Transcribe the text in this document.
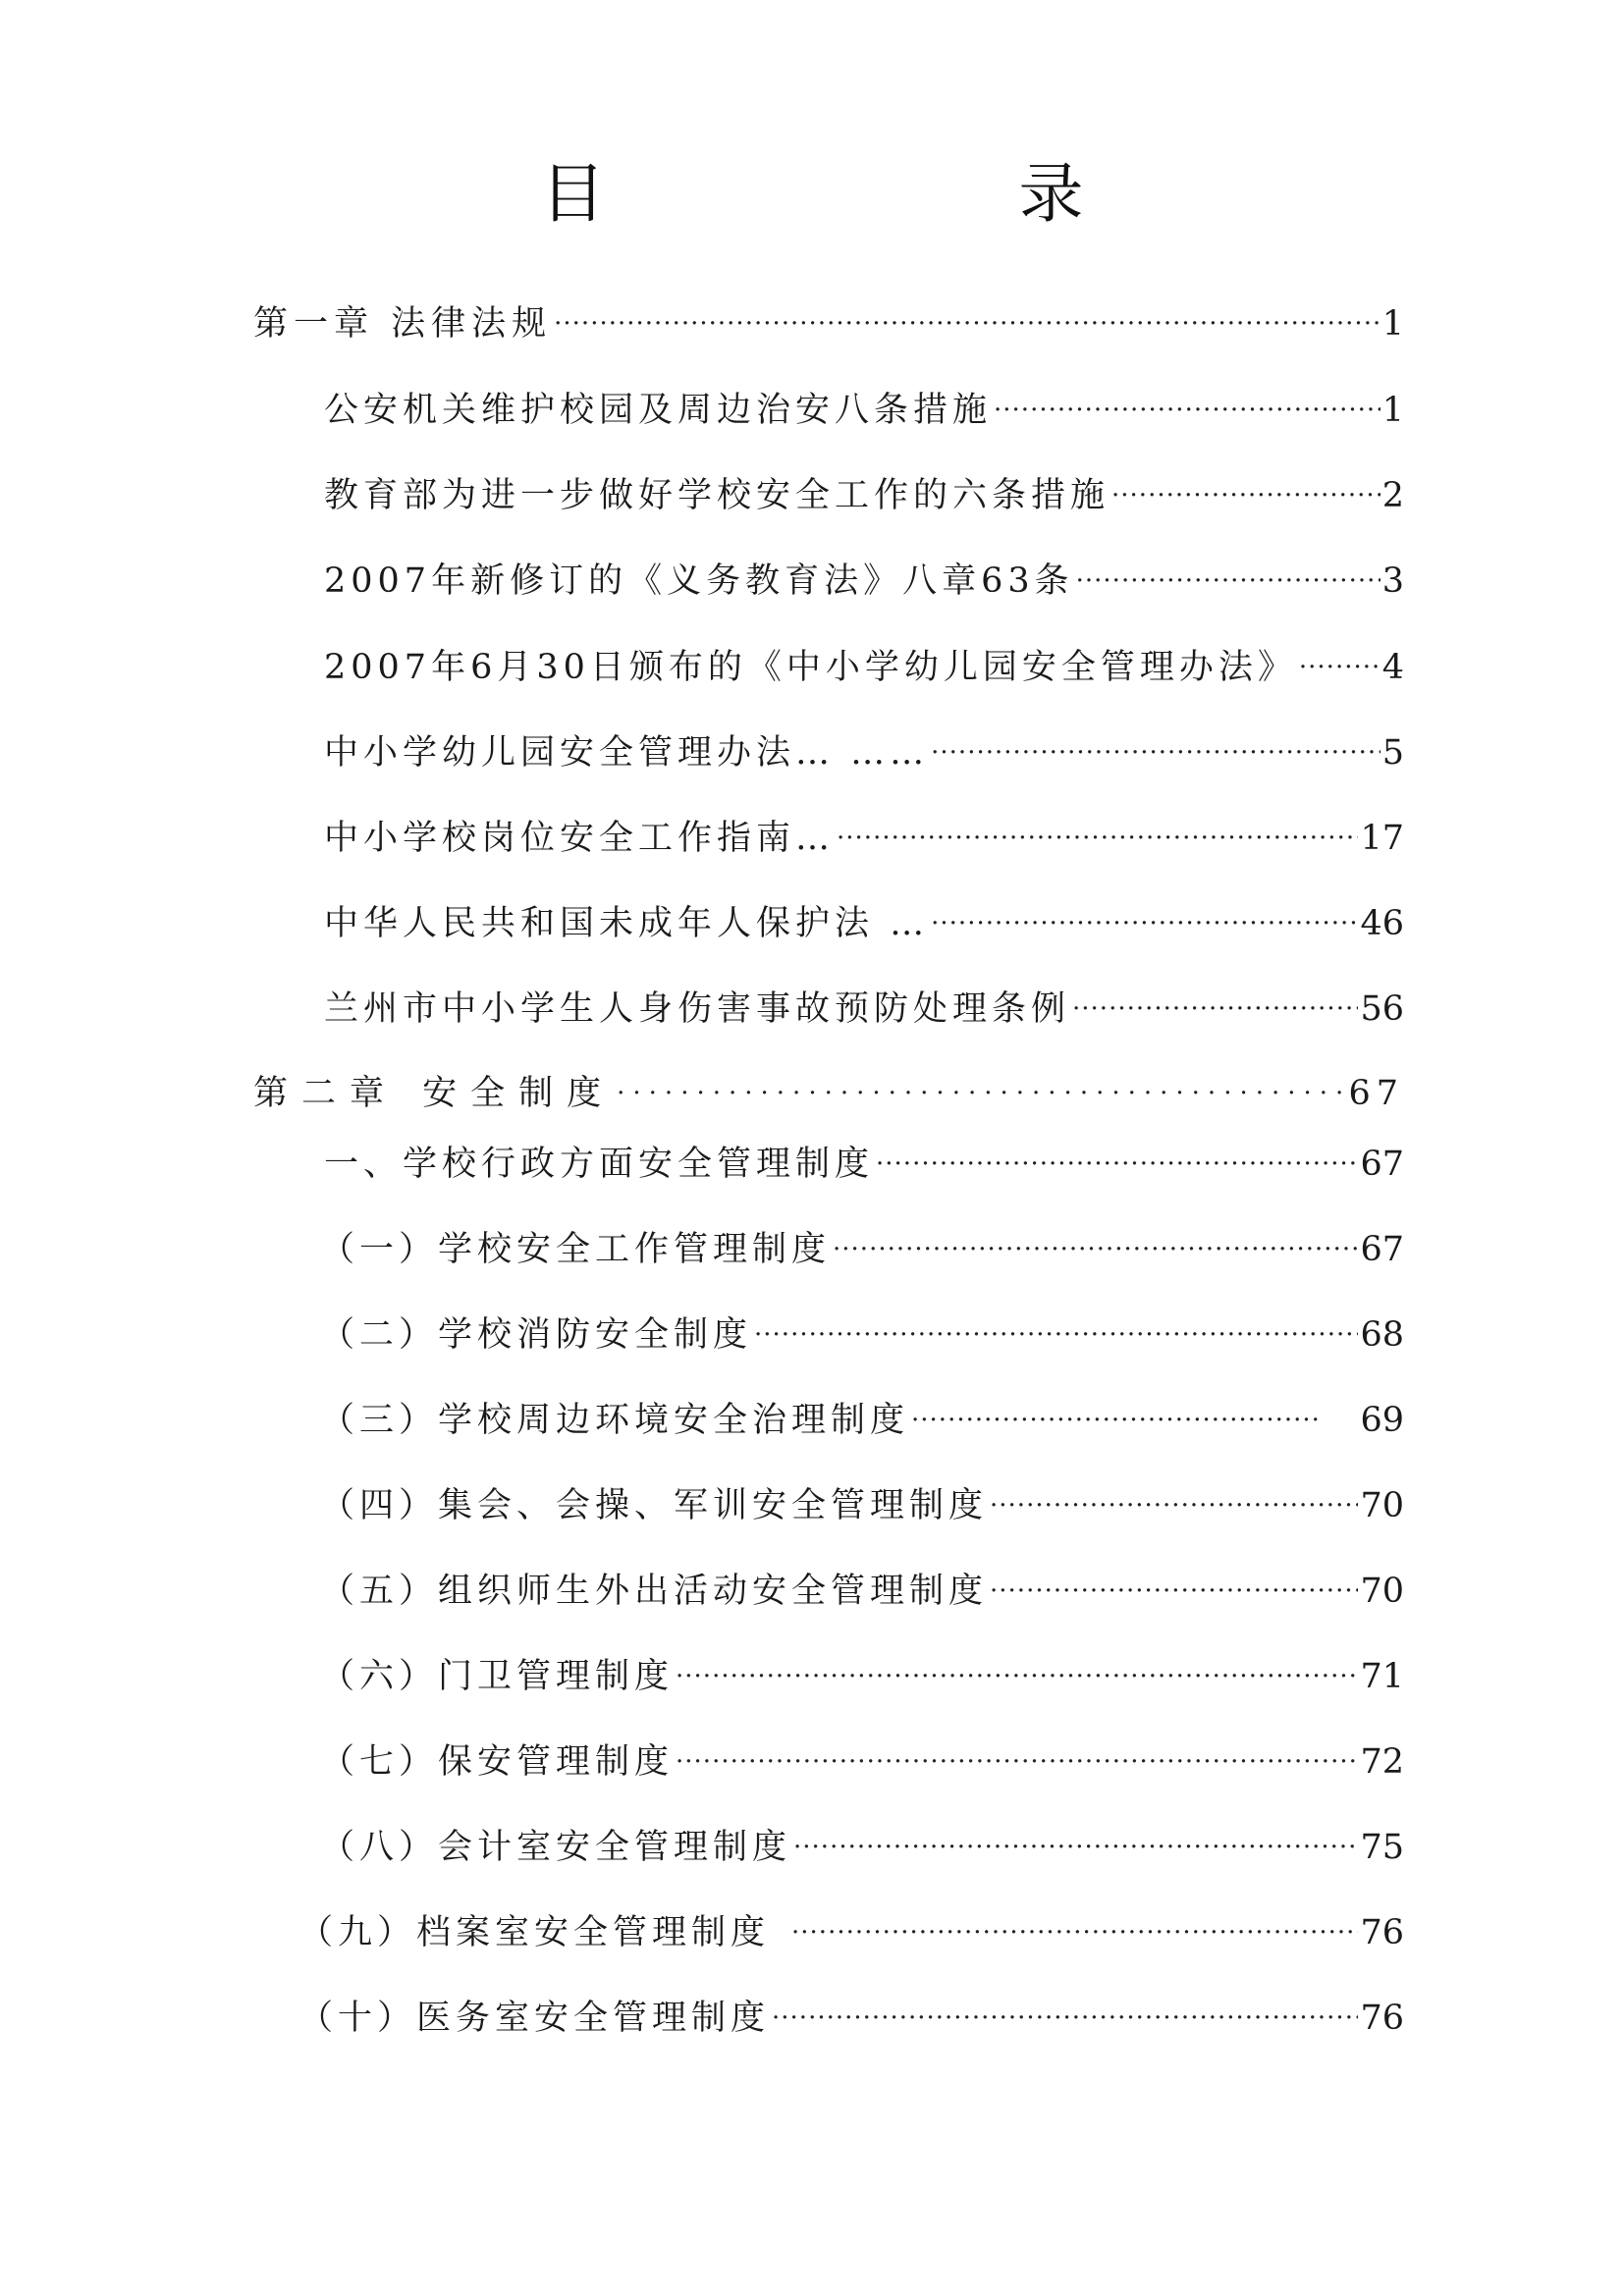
目 录
第一章 法律法规 ·····	1
公安机关维护校园及周边治安八条措施 ·····	1
教育部为进一步做好学校安全工作的六条措施 ·····	2
2007年新修订的《义务教育法》八章63条 ·····	3
2007年6月30日颁布的《中小学幼儿园安全管理办法》 ····· 4
中小学幼儿园安全管理办法… …… ·····	5
中小学校岗位安全工作指南… ·····	17
中华人民共和国未成年人保护法 … ·····	46
兰州市中小学生人身伤害事故预防处理条例 ·····	56
第二章 安全制度 ·····	67
一、学校行政方面安全管理制度 ·····	67
（一）学校安全工作管理制度 ·····	67
（二）学校消防安全制度 ·····	68
（三）学校周边环境安全治理制度 ·····	69
（四）集会、会操、军训安全管理制度 ·····	70
（五）组织师生外出活动安全管理制度 ·····	70
（六）门卫管理制度 ·····	71
（七）保安管理制度 ·····	72
（八）会计室安全管理制度 ·····	75
（九）档案室安全管理制度 ·····	76
（十）医务室安全管理制度 ·····	76
